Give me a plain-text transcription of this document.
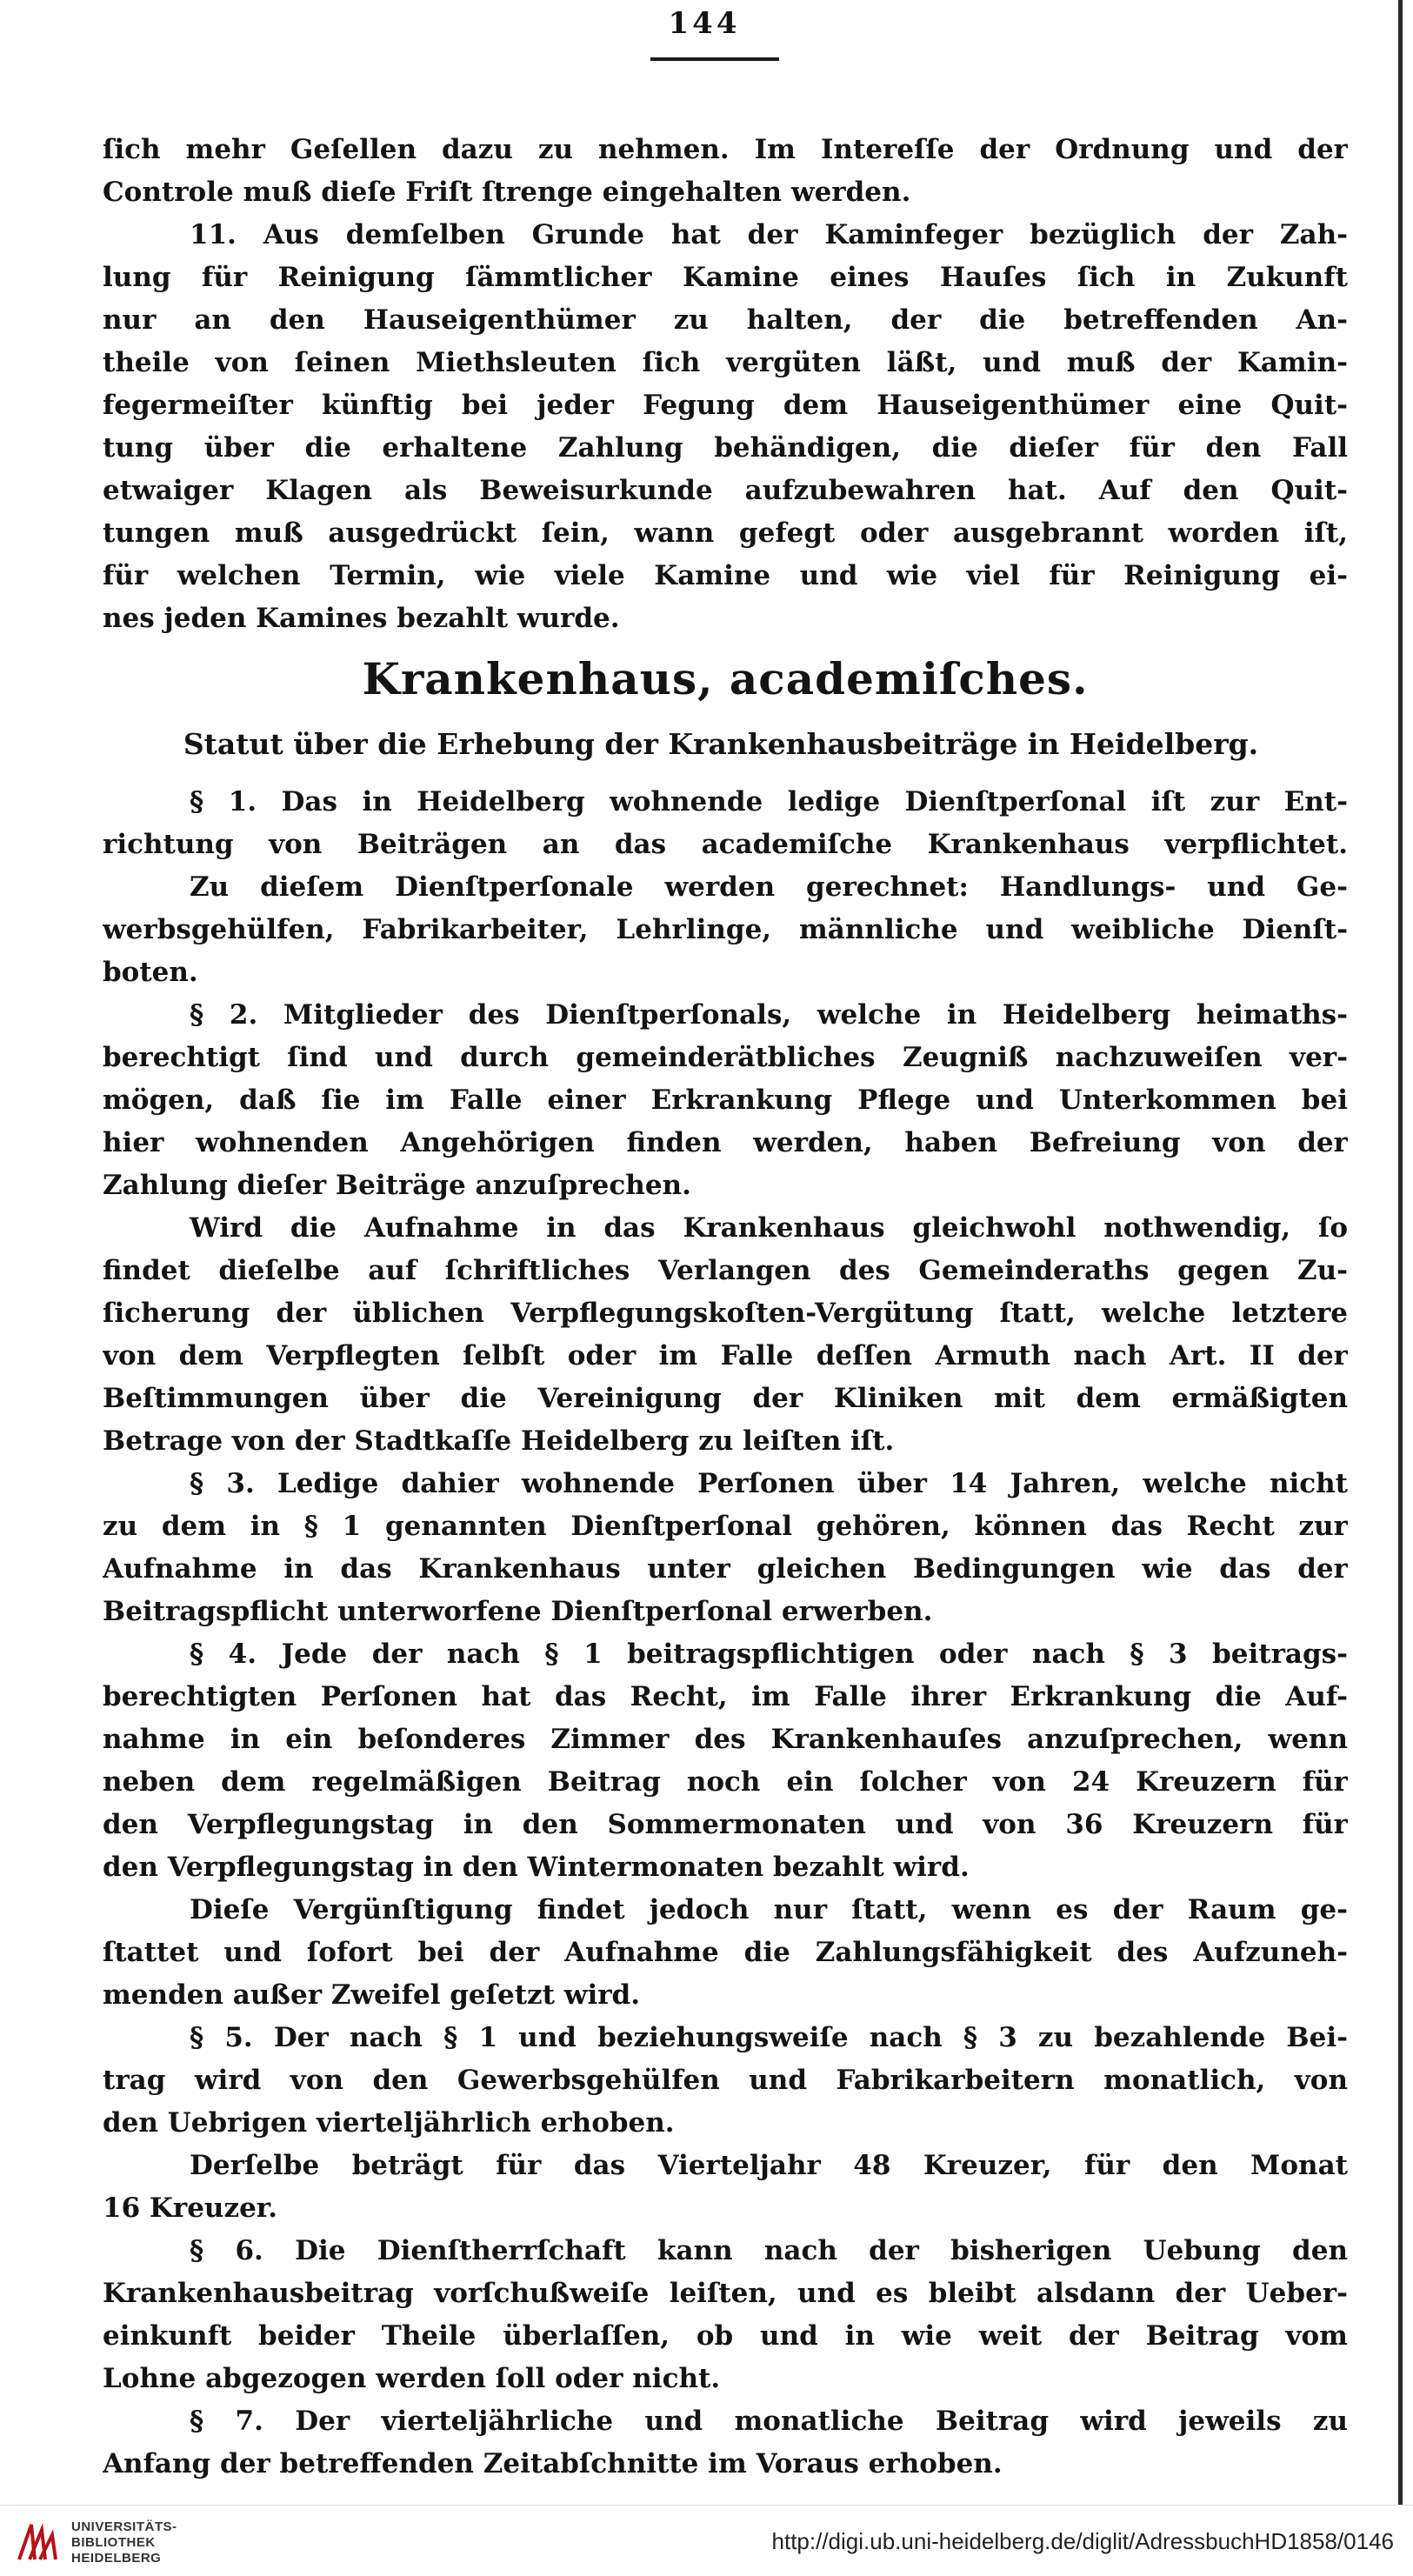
144
ſich mehr Geſellen dazu zu nehmen. Im Intereſſe der Ordnung und der
Controle muß dieſe Friſt ſtrenge eingehalten werden.
11. Aus demſelben Grunde hat der Kaminfeger bezüglich der Zah-
lung für Reinigung ſämmtlicher Kamine eines Hauſes ſich in Zukunft
nur an den Hauseigenthümer zu halten, der die betreffenden An-
theile von ſeinen Miethsleuten ſich vergüten läßt, und muß der Kamin-
fegermeiſter künftig bei jeder Fegung dem Hauseigenthümer eine Quit-
tung über die erhaltene Zahlung behändigen, die dieſer für den Fall
etwaiger Klagen als Beweisurkunde aufzubewahren hat. Auf den Quit-
tungen muß ausgedrückt ſein, wann gefegt oder ausgebrannt worden iſt,
für welchen Termin, wie viele Kamine und wie viel für Reinigung ei-
nes jeden Kamines bezahlt wurde.
Krankenhaus, academiſches.
Statut über die Erhebung der Krankenhausbeiträge in Heidelberg.
§ 1. Das in Heidelberg wohnende ledige Dienſtperſonal iſt zur Ent-
richtung von Beiträgen an das academiſche Krankenhaus verpflichtet.
Zu dieſem Dienſtperſonale werden gerechnet: Handlungs- und Ge-
werbsgehülfen, Fabrikarbeiter, Lehrlinge, männliche und weibliche Dienſt-
boten.
§ 2. Mitglieder des Dienſtperſonals, welche in Heidelberg heimaths-
berechtigt ſind und durch gemeinderätbliches Zeugniß nachzuweiſen ver-
mögen, daß ſie im Falle einer Erkrankung Pflege und Unterkommen bei
hier wohnenden Angehörigen finden werden, haben Befreiung von der
Zahlung dieſer Beiträge anzuſprechen.
Wird die Aufnahme in das Krankenhaus gleichwohl nothwendig, ſo
findet dieſelbe auf ſchriftliches Verlangen des Gemeinderaths gegen Zu-
ſicherung der üblichen Verpflegungskoſten-Vergütung ſtatt, welche letztere
von dem Verpflegten ſelbſt oder im Falle deſſen Armuth nach Art. II der
Beſtimmungen über die Vereinigung der Kliniken mit dem ermäßigten
Betrage von der Stadtkaſſe Heidelberg zu leiſten iſt.
§ 3. Ledige dahier wohnende Perſonen über 14 Jahren, welche nicht
zu dem in § 1 genannten Dienſtperſonal gehören, können das Recht zur
Aufnahme in das Krankenhaus unter gleichen Bedingungen wie das der
Beitragspflicht unterworfene Dienſtperſonal erwerben.
§ 4. Jede der nach § 1 beitragspflichtigen oder nach § 3 beitrags-
berechtigten Perſonen hat das Recht, im Falle ihrer Erkrankung die Auf-
nahme in ein beſonderes Zimmer des Krankenhauſes anzuſprechen, wenn
neben dem regelmäßigen Beitrag noch ein ſolcher von 24 Kreuzern für
den Verpflegungstag in den Sommermonaten und von 36 Kreuzern für
den Verpflegungstag in den Wintermonaten bezahlt wird.
Dieſe Vergünſtigung findet jedoch nur ſtatt, wenn es der Raum ge-
ſtattet und ſofort bei der Aufnahme die Zahlungsfähigkeit des Aufzuneh-
menden außer Zweifel geſetzt wird.
§ 5. Der nach § 1 und beziehungsweiſe nach § 3 zu bezahlende Bei-
trag wird von den Gewerbsgehülfen und Fabrikarbeitern monatlich, von
den Uebrigen vierteljährlich erhoben.
Derſelbe beträgt für das Vierteljahr 48 Kreuzer, für den Monat
16 Kreuzer.
§ 6. Die Dienſtherrſchaft kann nach der bisherigen Uebung den
Krankenhausbeitrag vorſchußweiſe leiſten, und es bleibt alsdann der Ueber-
einkunft beider Theile überlaſſen, ob und in wie weit der Beitrag vom
Lohne abgezogen werden ſoll oder nicht.
§ 7. Der vierteljährliche und monatliche Beitrag wird jeweils zu
Anfang der betreffenden Zeitabſchnitte im Voraus erhoben.
UNIVERSITÄTS-
BIBLIOTHEK
HEIDELBERG
http://digi.ub.uni-heidelberg.de/diglit/AdressbuchHD1858/0146
